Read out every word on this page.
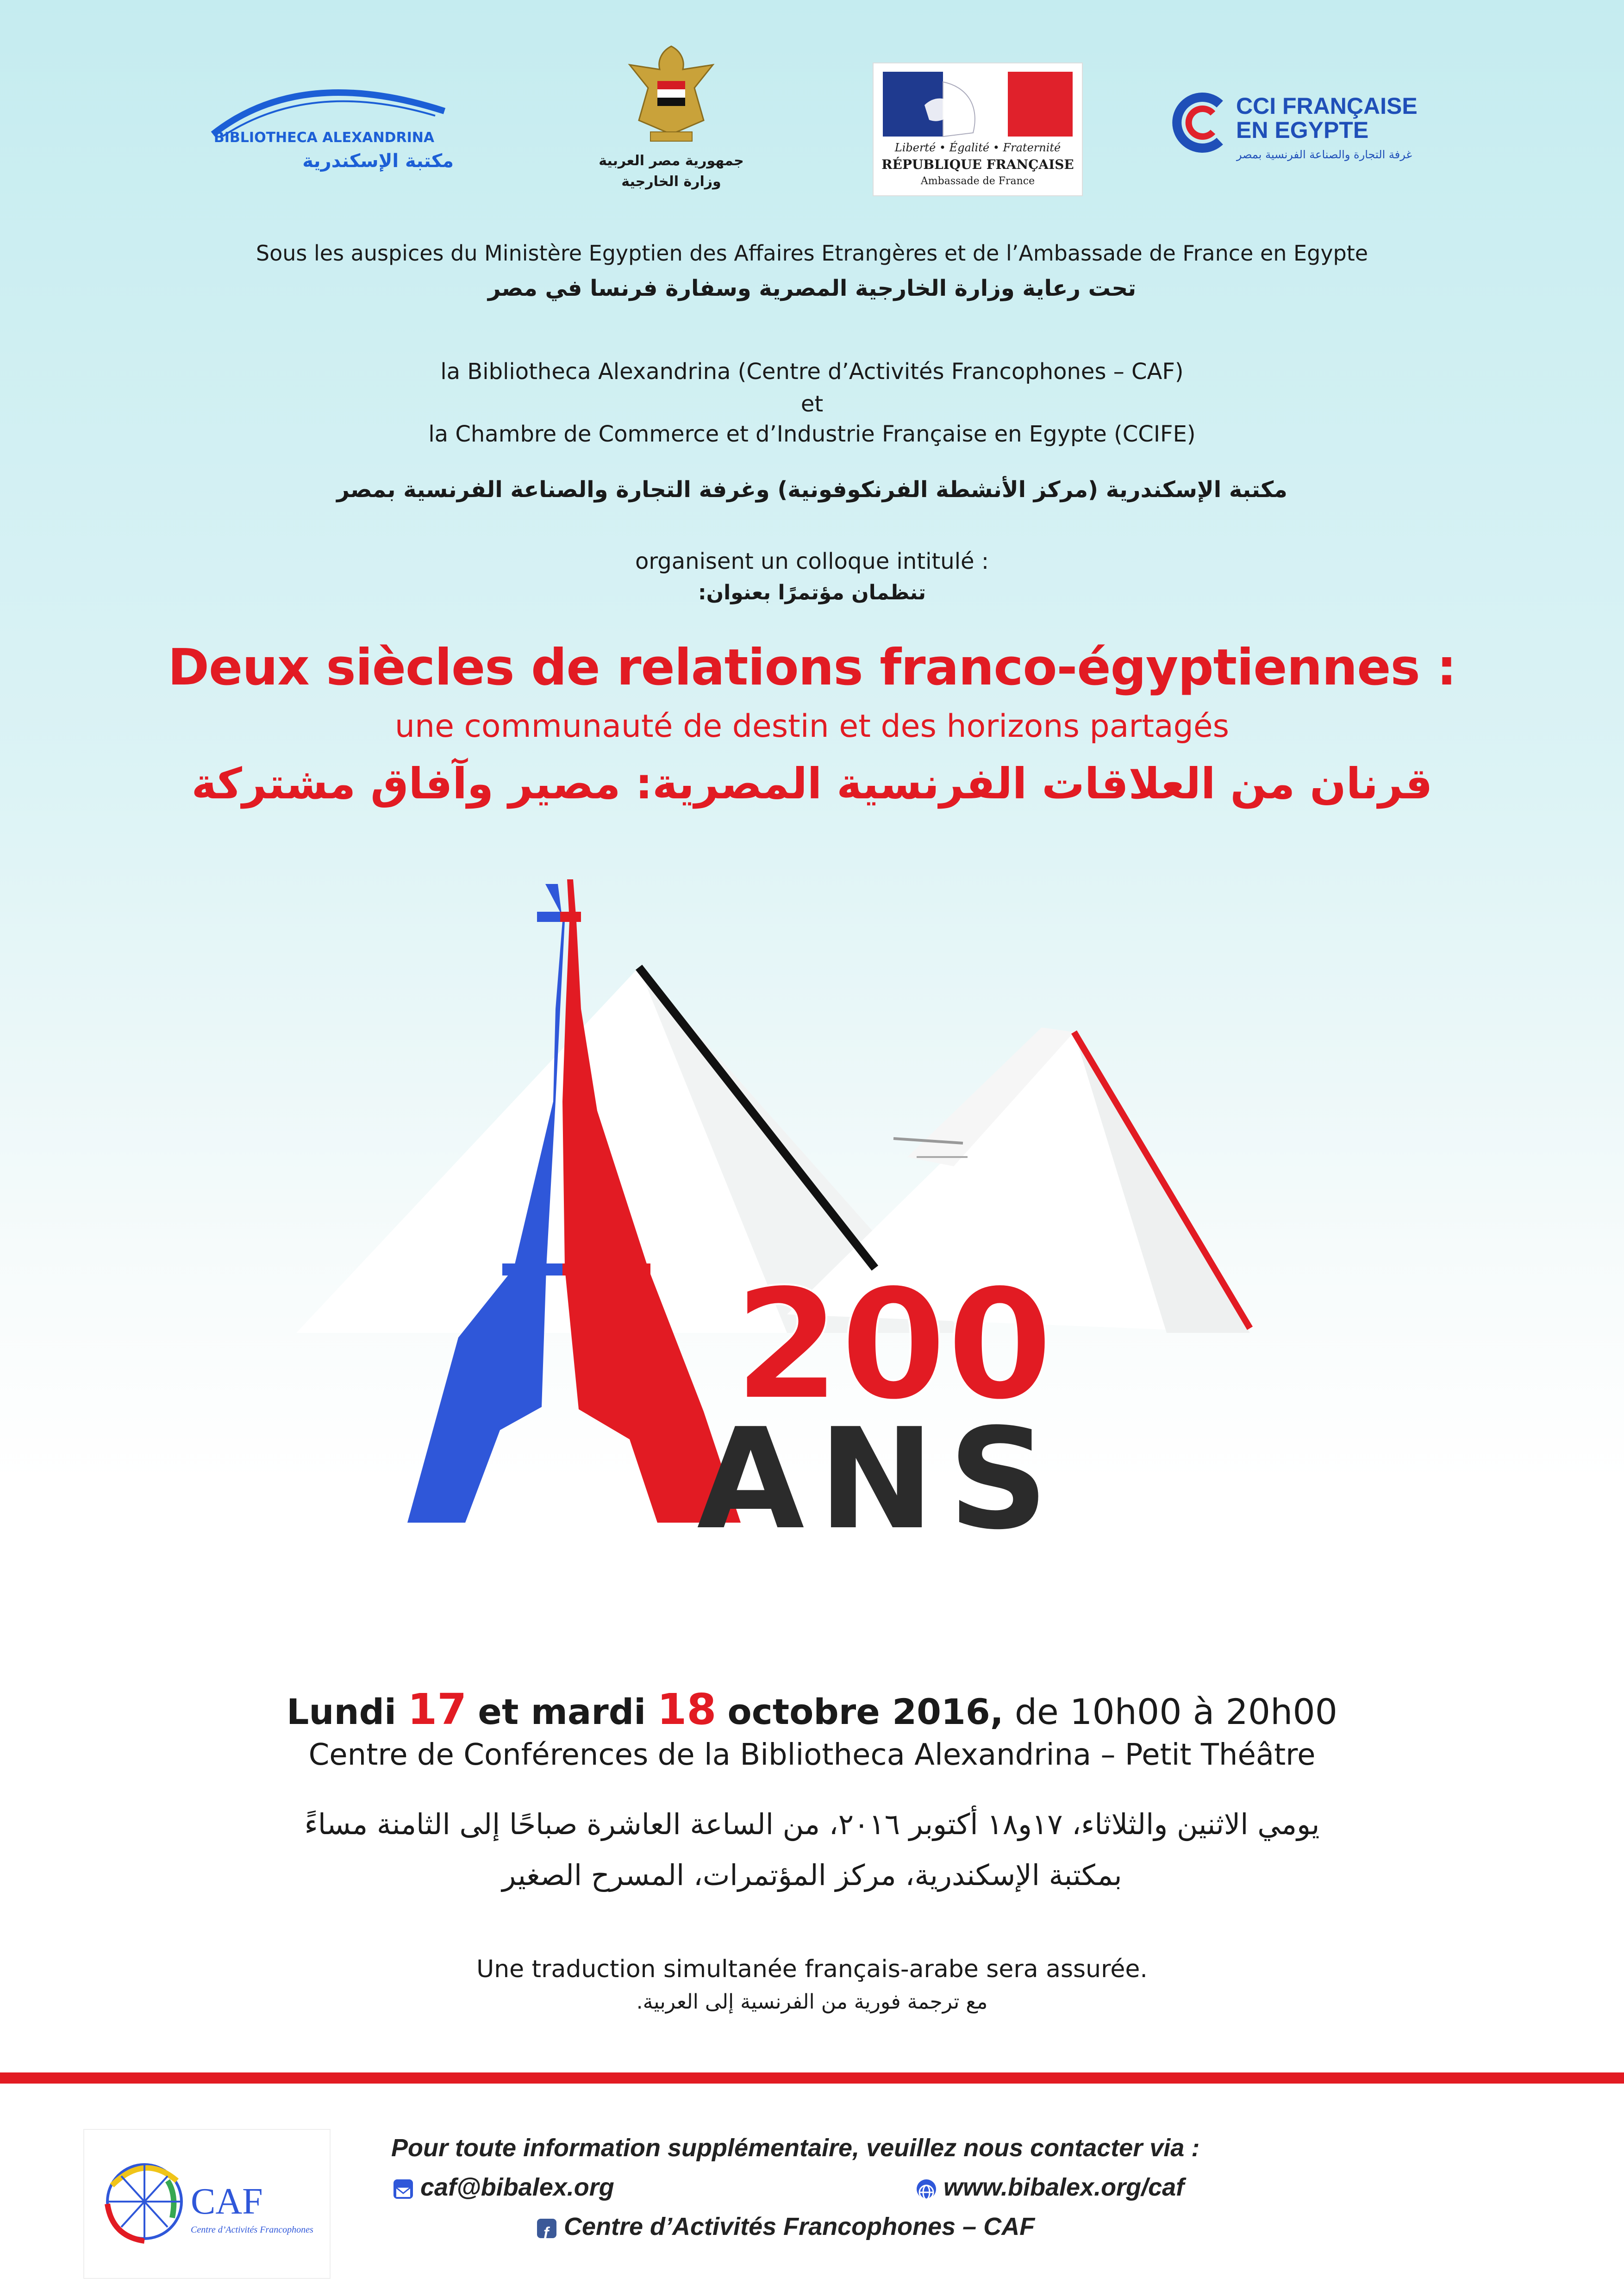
BIBLIOTHECA ALEXANDRINA
مكتبة الإسكندرية	جمهورية مصر العربية
وزارة الخارجية
Liberté • Égalité • Fraternité
RÉPUBLIQUE FRANÇAISE
Ambassade de France
CCI FRANÇAISE
EN EGYPTE
غرفة التجارة والصناعة الفرنسية بمصر
Sous les auspices du Ministère Egyptien des Affaires Etrangères et de l’Ambassade de France en Egypte
تحت رعاية وزارة الخارجية المصرية وسفارة فرنسا في مصر
la Bibliotheca Alexandrina (Centre d’Activités Francophones – CAF)
et
la Chambre de Commerce et d’Industrie Française en Egypte (CCIFE)
مكتبة الإسكندرية (مركز الأنشطة الفرنكوفونية) وغرفة التجارة والصناعة الفرنسية بمصر
organisent un colloque intitulé :
تنظمان مؤتمرًا بعنوان:
Deux siècles de relations franco-égyptiennes :
une communauté de destin et des horizons partagés
قرنان من العلاقات الفرنسية المصرية: مصير وآفاق مشتركة
200
ANS
Lundi 17 et mardi 18 octobre 2016, de 10h00 à 20h00
Centre de Conférences de la Bibliotheca Alexandrina – Petit Théâtre
يومي الاثنين والثلاثاء، ١٧و١٨ أكتوبر ٢٠١٦، من الساعة العاشرة صباحًا إلى الثامنة مساءً
بمكتبة الإسكندرية، مركز المؤتمرات، المسرح الصغير
Une traduction simultanée français-arabe sera assurée.
مع ترجمة فورية من الفرنسية إلى العربية.
CAF
Centre d’Activités Francophones
Pour toute information supplémentaire, veuillez nous contacter via :
caf@bibalex.org	www.bibalex.org/caf
f Centre d’Activités Francophones – CAF
